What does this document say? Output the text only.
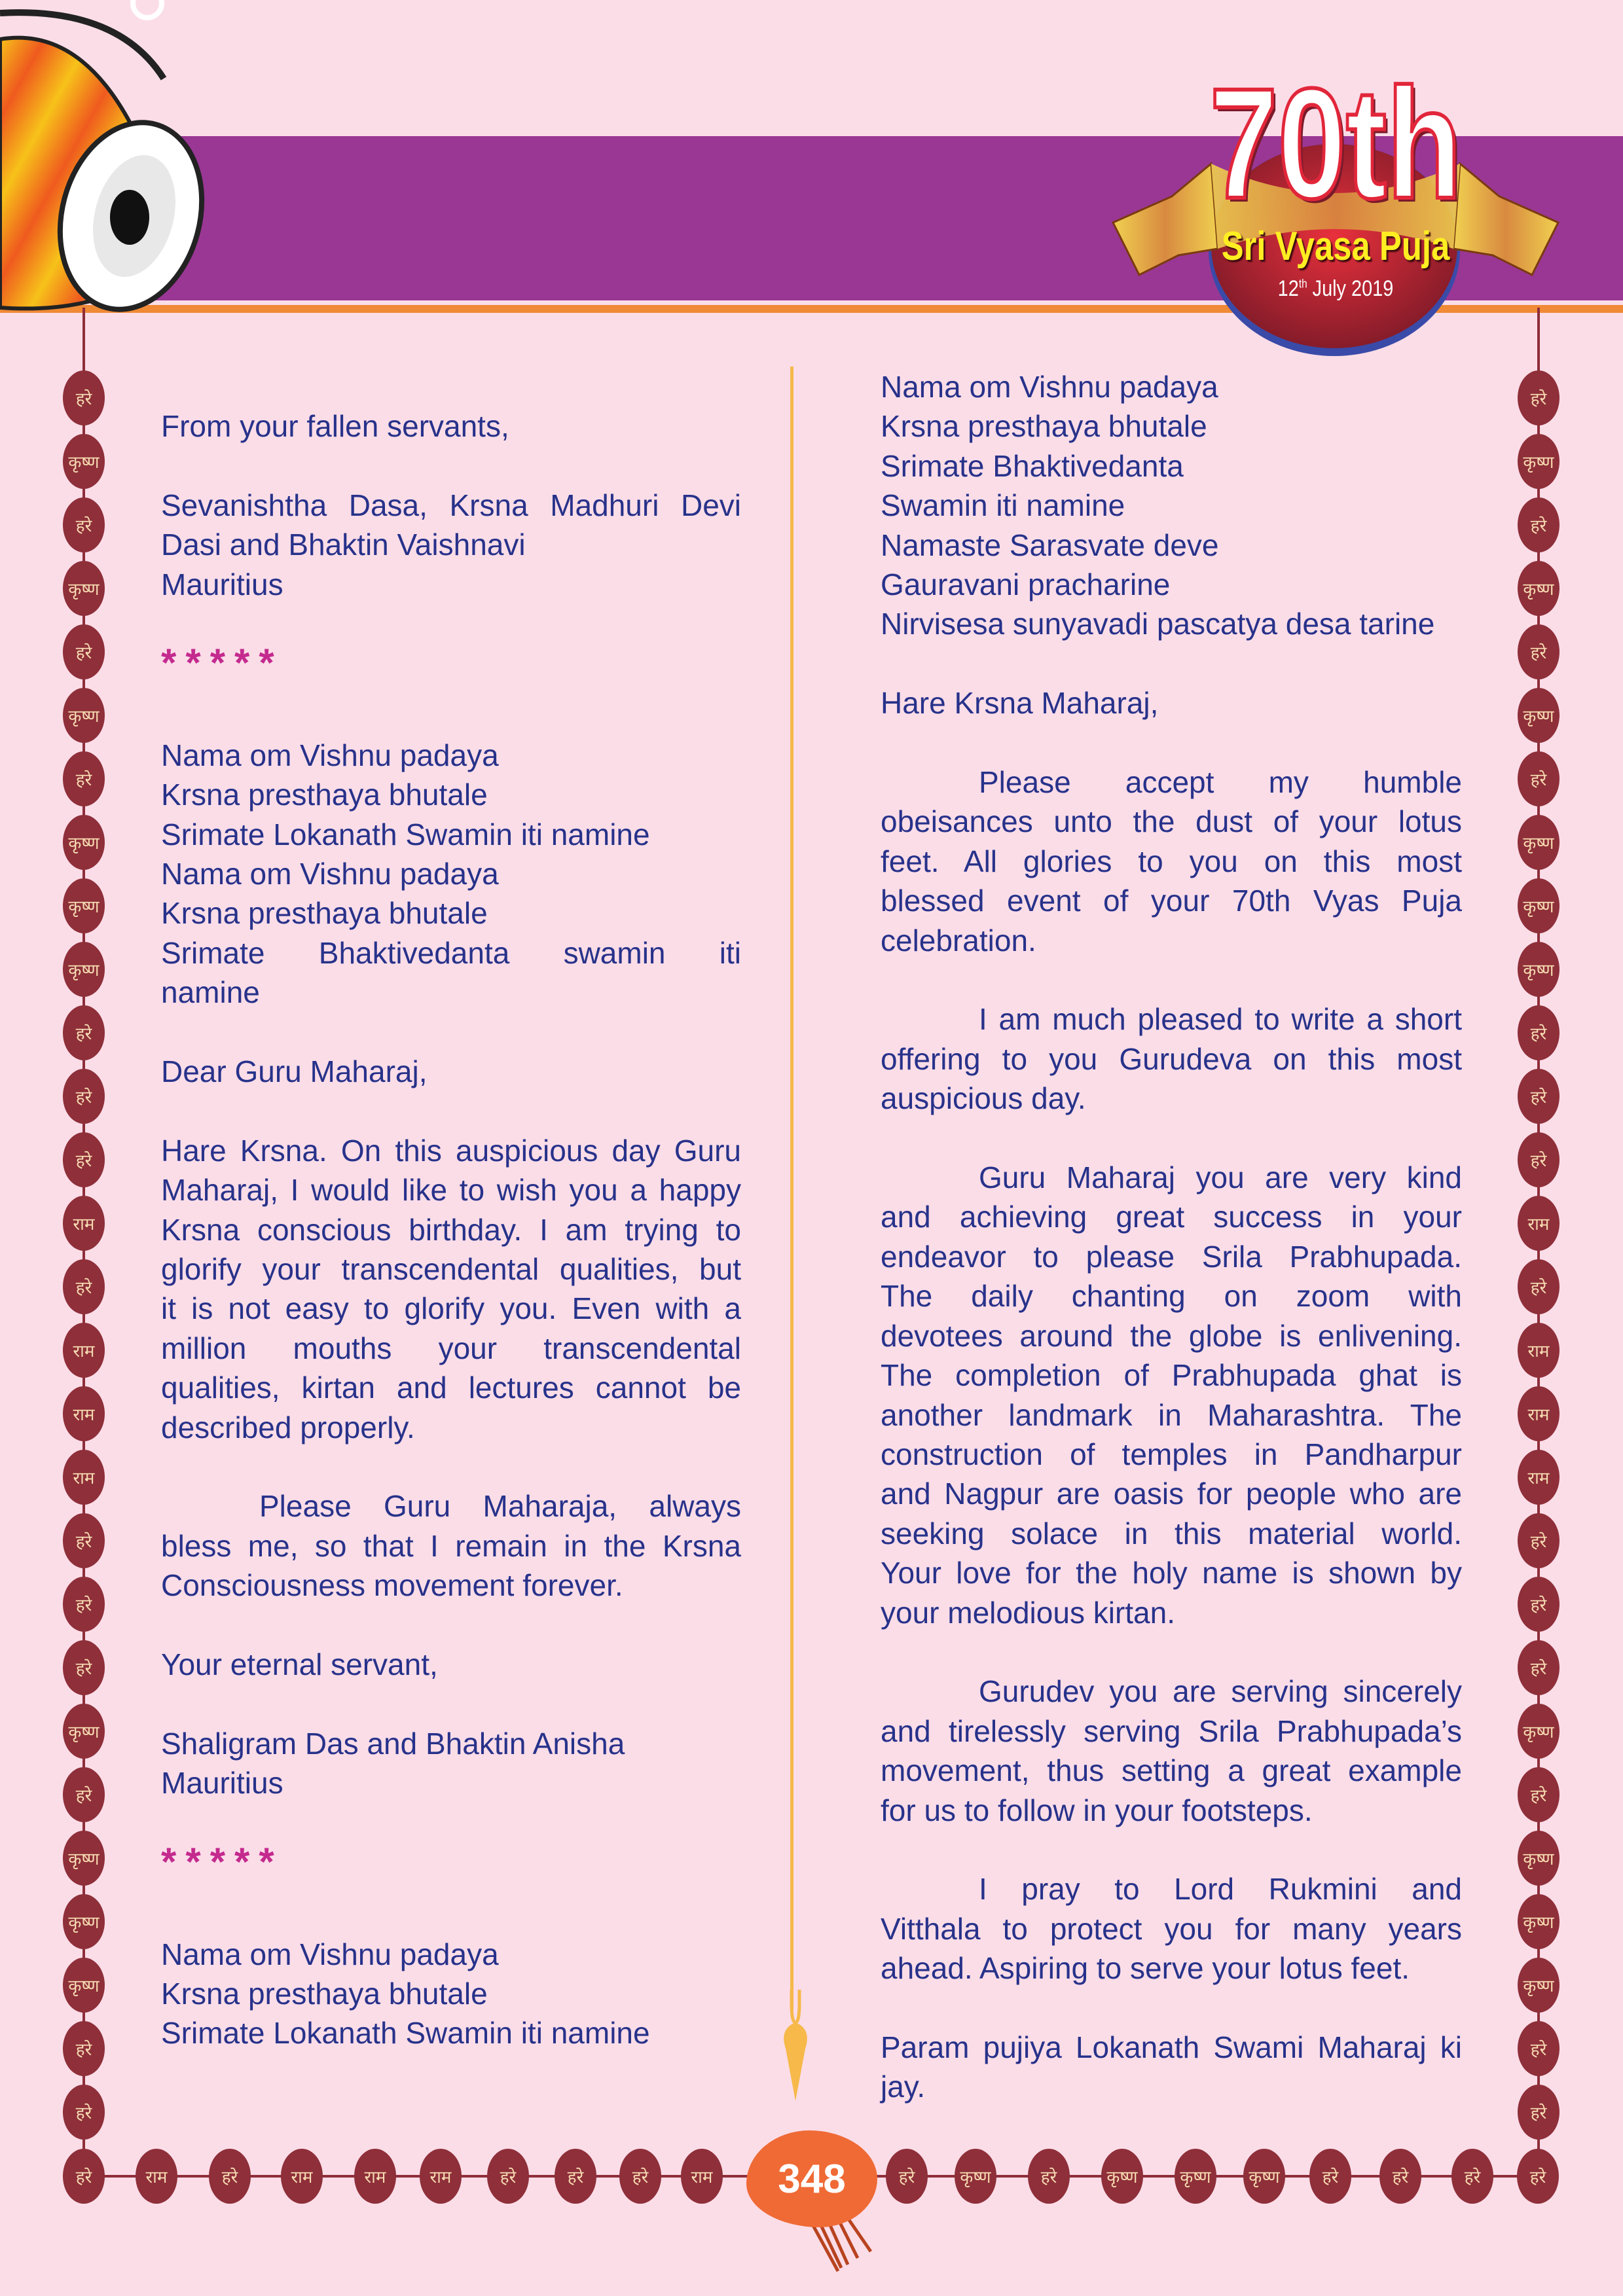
70th
Sri Vyasa Puja
12th July 2019
हरे
कृष्ण
हरे
कृष्ण
हरे
कृष्ण
हरे
कृष्ण
कृष्ण
कृष्ण
हरे
हरे
हरे
राम
हरे
राम
राम
राम
हरे
हरे
हरे
कृष्ण
हरे
कृष्ण
कृष्ण
कृष्ण
हरे
हरे
हरे
कृष्ण
हरे
कृष्ण
हरे
कृष्ण
हरे
कृष्ण
कृष्ण
कृष्ण
हरे
हरे
हरे
राम
हरे
राम
राम
राम
हरे
हरे
हरे
कृष्ण
हरे
कृष्ण
कृष्ण
कृष्ण
हरे
हरे
हरे	राम	हरे	राम	राम	राम	हरे	हरे	हरे	राम	हरे	कृष्ण	हरे	कृष्ण	कृष्ण	कृष्ण	हरे	हरे	हरे	हरे
From your fallen servants,
Sevanishtha Dasa, Krsna Madhuri Devi
Dasi and Bhaktin Vaishnavi
Mauritius
*****
Nama om Vishnu padaya
Krsna presthaya bhutale
Srimate Lokanath Swamin iti namine
Nama om Vishnu padaya
Krsna presthaya bhutale
Srimate Bhaktivedanta swamin iti
namine
Dear Guru Maharaj,
Hare Krsna. On this auspicious day Guru
Maharaj, I would like to wish you a happy
Krsna conscious birthday. I am trying to
glorify your transcendental qualities, but
it is not easy to glorify you. Even with a
million mouths your transcendental
qualities, kirtan and lectures cannot be
described properly.
Please Guru Maharaja, always
bless me, so that I remain in the Krsna
Consciousness movement forever.
Your eternal servant,
Shaligram Das and Bhaktin Anisha
Mauritius
*****
Nama om Vishnu padaya
Krsna presthaya bhutale
Srimate Lokanath Swamin iti namine
Nama om Vishnu padaya
Krsna presthaya bhutale
Srimate Bhaktivedanta
Swamin iti namine
Namaste Sarasvate deve
Gauravani pracharine
Nirvisesa sunyavadi pascatya desa tarine
Hare Krsna Maharaj,
Please accept my humble
obeisances unto the dust of your lotus
feet. All glories to you on this most
blessed event of your 70th Vyas Puja
celebration.
I am much pleased to write a short
offering to you Gurudeva on this most
auspicious day.
Guru Maharaj you are very kind
and achieving great success in your
endeavor to please Srila Prabhupada.
The daily chanting on zoom with
devotees around the globe is enlivening.
The completion of Prabhupada ghat is
another landmark in Maharashtra. The
construction of temples in Pandharpur
and Nagpur are oasis for people who are
seeking solace in this material world.
Your love for the holy name is shown by
your melodious kirtan.
Gurudev you are serving sincerely
and tirelessly serving Srila Prabhupada’s
movement, thus setting a great example
for us to follow in your footsteps.
I pray to Lord Rukmini and
Vitthala to protect you for many years
ahead. Aspiring to serve your lotus feet.
Param pujiya Lokanath Swami Maharaj ki
jay.
348
